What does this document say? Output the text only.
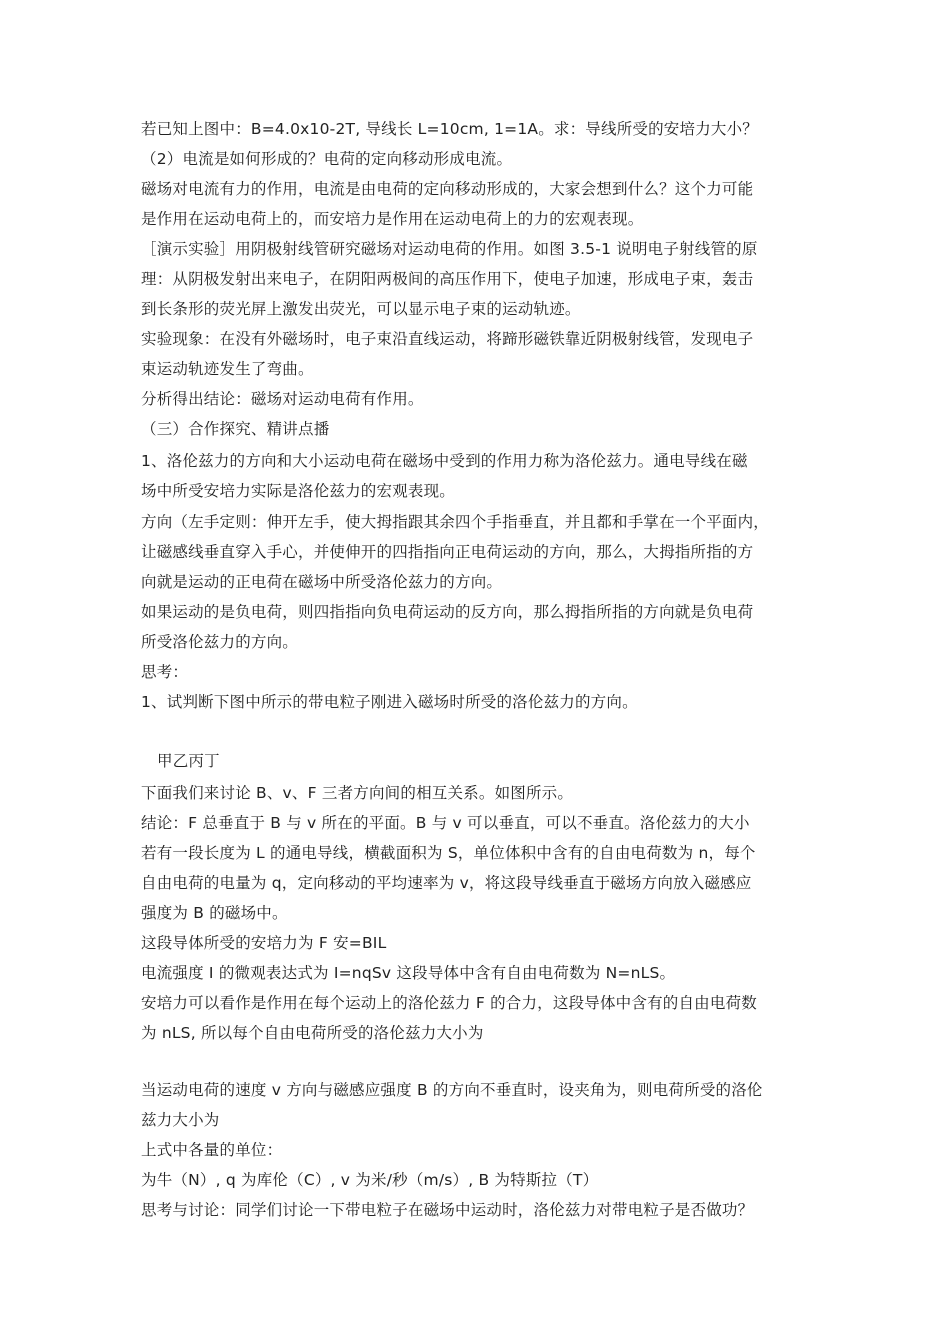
若已知上图中：B=4.0x10-2T, 导线长 L=10cm, 1=1A。求：导线所受的安培力大小？
（2）电流是如何形成的？电荷的定向移动形成电流。
磁场对电流有力的作用，电流是由电荷的定向移动形成的，大家会想到什么？这个力可能
是作用在运动电荷上的，而安培力是作用在运动电荷上的力的宏观表现。
［演示实验］用阴极射线管研究磁场对运动电荷的作用。如图 3.5-1 说明电子射线管的原
理：从阴极发射出来电子，在阴阳两极间的高压作用下，使电子加速，形成电子束，轰击
到长条形的荧光屏上激发出荧光，可以显示电子束的运动轨迹。
实验现象：在没有外磁场时，电子束沿直线运动，将蹄形磁铁靠近阴极射线管，发现电子
束运动轨迹发生了弯曲。
分析得出结论：磁场对运动电荷有作用。
（三）合作探究、精讲点播
1、洛伦兹力的方向和大小运动电荷在磁场中受到的作用力称为洛伦兹力。通电导线在磁
场中所受安培力实际是洛伦兹力的宏观表现。
方向（左手定则：伸开左手，使大拇指跟其余四个手指垂直，并且都和手掌在一个平面内，
让磁感线垂直穿入手心，并使伸开的四指指向正电荷运动的方向，那么，大拇指所指的方
向就是运动的正电荷在磁场中所受洛伦兹力的方向。
如果运动的是负电荷，则四指指向负电荷运动的反方向，那么拇指所指的方向就是负电荷
所受洛伦兹力的方向。
思考：
1、试判断下图中所示的带电粒子刚进入磁场时所受的洛伦兹力的方向。
甲乙丙丁
下面我们来讨论 B、v、F 三者方向间的相互关系。如图所示。
结论：F 总垂直于 B 与 v 所在的平面。B 与 v 可以垂直，可以不垂直。洛伦兹力的大小
若有一段长度为 L 的通电导线，横截面积为 S，单位体积中含有的自由电荷数为 n，每个
自由电荷的电量为 q，定向移动的平均速率为 v，将这段导线垂直于磁场方向放入磁感应
强度为 B 的磁场中。
这段导体所受的安培力为 F 安=BIL
电流强度 I 的微观表达式为 I=nqSv 这段导体中含有自由电荷数为 N=nLS。
安培力可以看作是作用在每个运动上的洛伦兹力 F 的合力，这段导体中含有的自由电荷数
为 nLS, 所以每个自由电荷所受的洛伦兹力大小为
当运动电荷的速度 v 方向与磁感应强度 B 的方向不垂直时，设夹角为，则电荷所受的洛伦
兹力大小为
上式中各量的单位：
为牛（N）, q 为库伦（C）, v 为米/秒（m/s）, B 为特斯拉（T）
思考与讨论：同学们讨论一下带电粒子在磁场中运动时，洛伦兹力对带电粒子是否做功？
